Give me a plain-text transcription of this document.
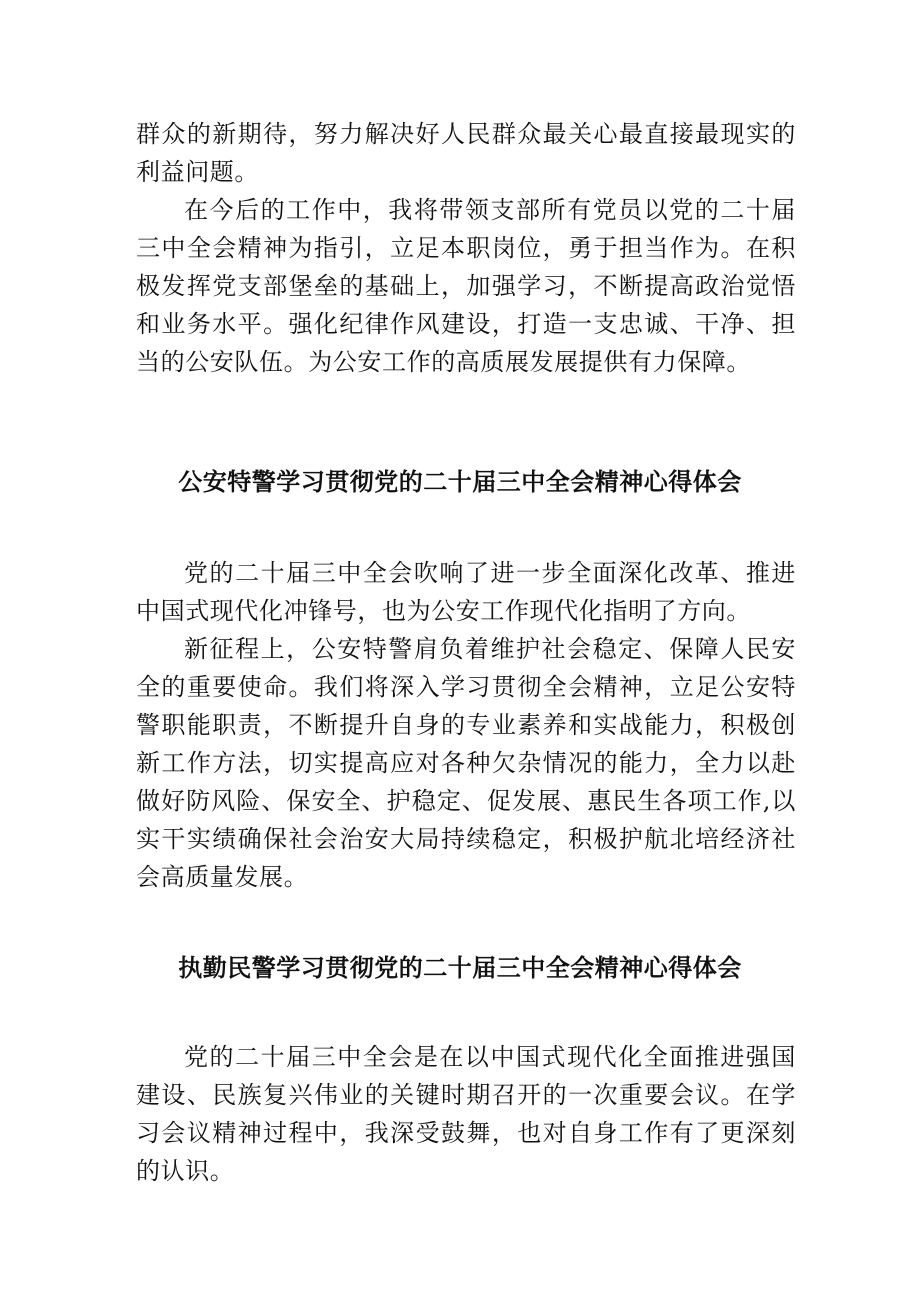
群众的新期待，努力解决好人民群众最关心最直接最现实的利益问题。

在今后的工作中，我将带领支部所有党员以党的二十届三中全会精神为指引，立足本职岗位，勇于担当作为。在积极发挥党支部堡垒的基础上，加强学习，不断提高政治觉悟和业务水平。强化纪律作风建设，打造一支忠诚、干净、担当的公安队伍。为公安工作的高质展发展提供有力保障。

公安特警学习贯彻党的二十届三中全会精神心得体会

党的二十届三中全会吹响了进一步全面深化改革、推进中国式现代化冲锋号，也为公安工作现代化指明了方向。

新征程上，公安特警肩负着维护社会稳定、保障人民安全的重要使命。我们将深入学习贯彻全会精神，立足公安特警职能职责，不断提升自身的专业素养和实战能力，积极创新工作方法，切实提高应对各种欠杂情况的能力，全力以赴做好防风险、保安全、护稳定、促发展、惠民生各项工作,以实干实绩确保社会治安大局持续稳定，积极护航北培经济社会高质量发展。

执勤民警学习贯彻党的二十届三中全会精神心得体会

党的二十届三中全会是在以中国式现代化全面推进强国建设、民族复兴伟业的关键时期召开的一次重要会议。在学习会议精神过程中，我深受鼓舞，也对自身工作有了更深刻的认识。
